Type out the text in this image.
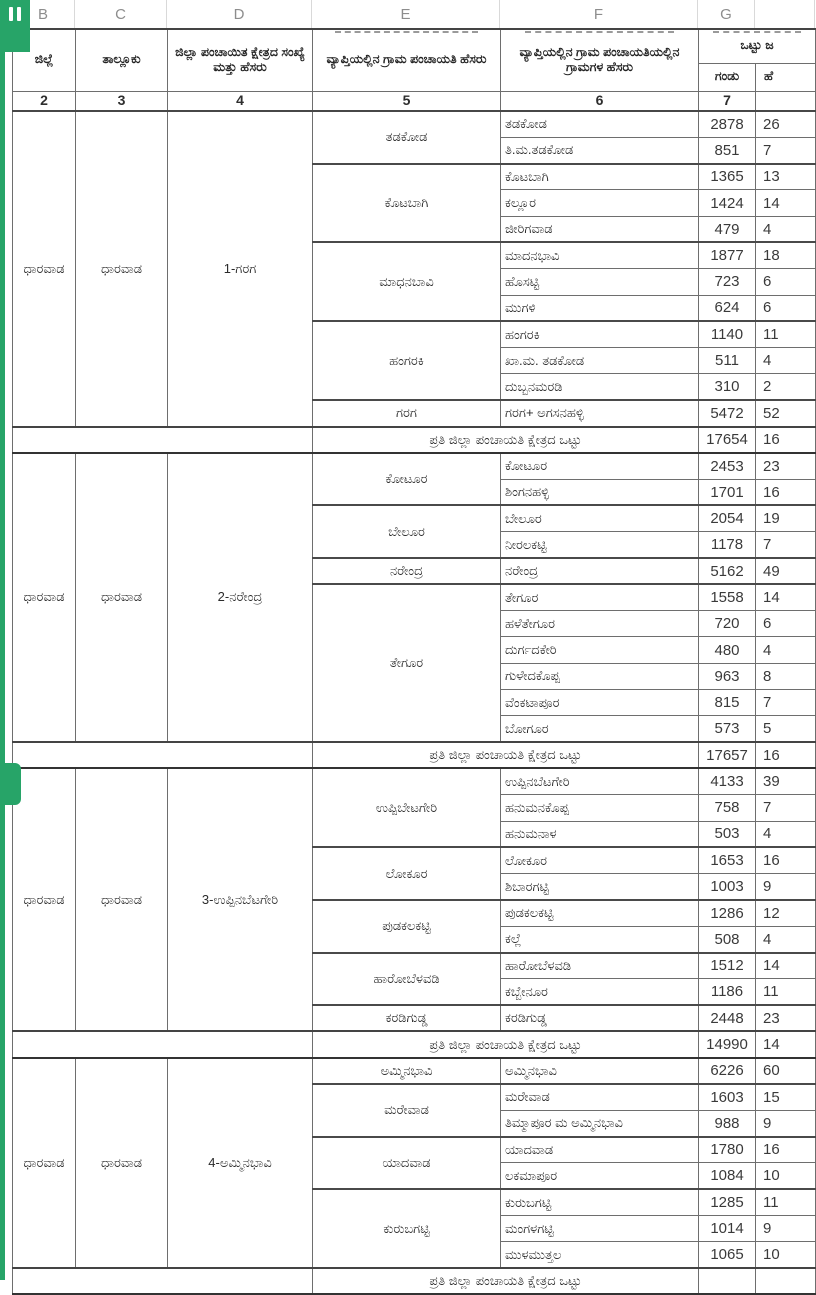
B	C	D	E	F	G
ಜಿಲ್ಲೆ	ತಾಲ್ಲೂಕು	ಜಿಲ್ಲಾ ಪಂಚಾಯಿತ ಕ್ಷೇತ್ರದ ಸಂಖ್ಯೆ ಮತ್ತು ಹೆಸರು	ವ್ಯಾಪ್ತಿಯಲ್ಲಿನ ಗ್ರಾಮ ಪಂಚಾಯತಿ ಹೆಸರು	ವ್ಯಾಪ್ತಿಯಲ್ಲಿನ ಗ್ರಾಮ ಪಂಚಾಯತಿಯಲ್ಲಿನ ಗ್ರಾಮಗಳ ಹೆಸರು	ಒಟ್ಟು ಜ	
					ಗಂಡು	ಹೆ
2	3	4	5	6	7	
ಧಾರವಾಡ	ಧಾರವಾಡ	1-ಗರಗ	ತಡಕೋಡ	ತಡಕೋಡ	2878	26
				ತಿ.ಮ.ತಡಕೋಡ	851	7
			ಕೊಟಬಾಗಿ	ಕೊಟಬಾಗಿ	1365	13
				ಕಲ್ಲೂರ	1424	14
				ಜೀರಿಗವಾಡ	479	4
			ಮಾಧನಬಾವಿ	ಮಾದನಭಾವಿ	1877	18
				ಹೊಸಟ್ಟಿ	723	6
				ಮುಗಳಿ	624	6
			ಹಂಗರಕಿ	ಹಂಗರಕಿ	1140	11
				ಖಾ.ಮ. ತಡಕೋಡ	511	4
				ದುಬ್ಬನಮರಡಿ	310	2
			ಗರಗ	ಗರಗ+ ಅಗಸನಹಳ್ಳಿ	5472	52
			ಪ್ರತಿ ಜಿಲ್ಲಾ ಪಂಚಾಯತಿ ಕ್ಷೇತ್ರದ ಒಟ್ಟು		17654	16
ಧಾರವಾಡ	ಧಾರವಾಡ	2-ನರೇಂದ್ರ	ಕೋಟೂರ	ಕೋಟೂರ	2453	23
				ಶಿಂಗನಹಳ್ಳಿ	1701	16
			ಬೇಲೂರ	ಬೇಲೂರ	2054	19
				ನೀರಲಕಟ್ಟಿ	1178	7
			ನರೇಂದ್ರ	ನರೇಂದ್ರ	5162	49
			ತೇಗೂರ	ತೇಗೂರ	1558	14
				ಹಳೆತೇಗೂರ	720	6
				ದುರ್ಗದಕೇರಿ	480	4
				ಗುಳೇದಕೊಪ್ಪ	963	8
				ವೆಂಕಟಾಪೂರ	815	7
				ಬೋಗೂರ	573	5
			ಪ್ರತಿ ಜಿಲ್ಲಾ ಪಂಚಾಯತಿ ಕ್ಷೇತ್ರದ ಒಟ್ಟು		17657	16
ಧಾರವಾಡ	ಧಾರವಾಡ	3-ಉಪ್ಪಿನಬೆಟಗೇರಿ	ಉಪ್ಪಿಬೇಟಗೇರಿ	ಉಪ್ಪಿನಬೆಟಗೇರಿ	4133	39
				ಹನುಮನಕೊಪ್ಪ	758	7
				ಹನುಮನಾಳ	503	4
			ಲೋಕೂರ	ಲೋಕೂರ	1653	16
				ಶಿಬಾರಗಟ್ಟಿ	1003	9
			ಪುಡಕಲಕಟ್ಟಿ	ಪುಡಕಲಕಟ್ಟಿ	1286	12
				ಕಲ್ಲೆ	508	4
			ಹಾರೋಬೆಳವಡಿ	ಹಾರೋಬೆಳವಡಿ	1512	14
				ಕಬ್ಬೇನೂರ	1186	11
			ಕರಡಿಗುಡ್ಡ	ಕರಡಿಗುಡ್ಡ	2448	23
			ಪ್ರತಿ ಜಿಲ್ಲಾ ಪಂಚಾಯತಿ ಕ್ಷೇತ್ರದ ಒಟ್ಟು		14990	14
ಧಾರವಾಡ	ಧಾರವಾಡ	4-ಅಮ್ಮಿನಭಾವಿ	ಅಮ್ಮಿನಭಾವಿ	ಅಮ್ಮಿನಭಾವಿ	6226	60
			ಮರೇವಾಡ	ಮರೇವಾಡ	1603	15
				ತಿಮ್ಮಾಪೂರ ಮ ಅಮ್ಮಿನಭಾವಿ	988	9
			ಯಾದವಾಡ	ಯಾದವಾಡ	1780	16
				ಲಕಮಾಪೂರ	1084	10
			ಕುರುಬಗಟ್ಟಿ	ಕುರುಬಗಟ್ಟಿ	1285	11
				ಮಂಗಳಗಟ್ಟಿ	1014	9
				ಮುಳಮುತ್ತಲ	1065	10
			ಪ್ರತಿ ಜಿಲ್ಲಾ ಪಂಚಾಯತಿ ಕ್ಷೇತ್ರದ ಒಟ್ಟು			
